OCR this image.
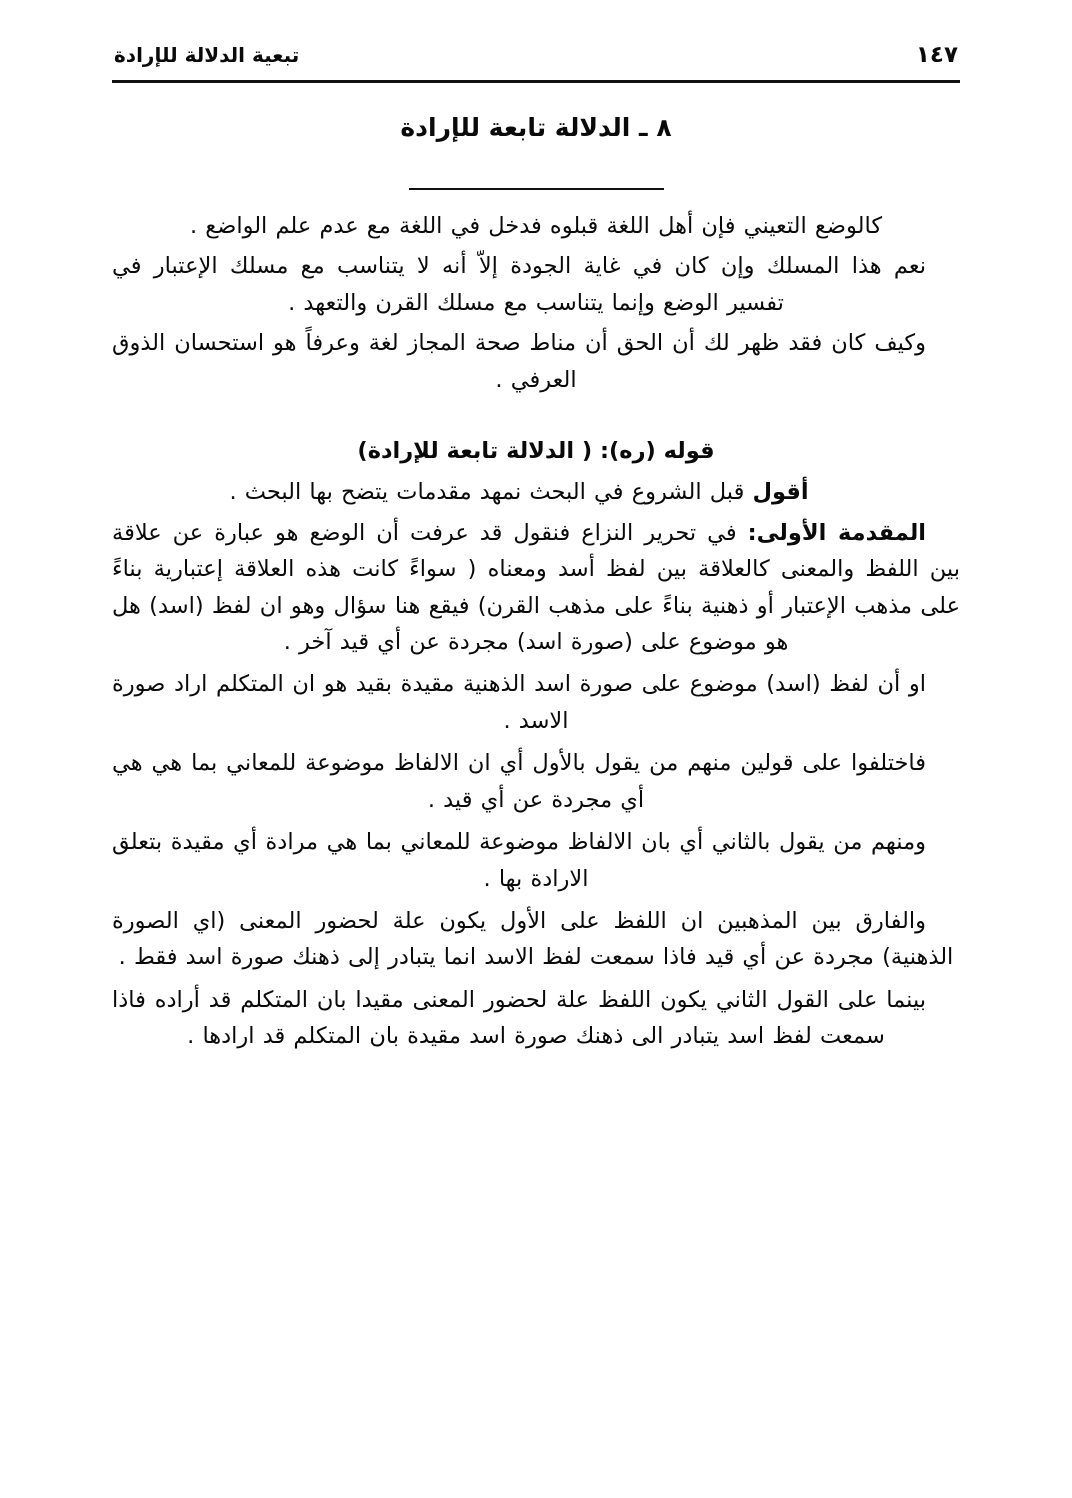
تبعية الدلالة للإرادة	١٤٧
٨ ـ الدلالة تابعة للإرادة

كالوضع التعيني فإن أهل اللغة قبلوه فدخل في اللغة مع عدم علم الواضع .

نعم هذا المسلك وإن كان في غاية الجودة إلاّ أنه لا يتناسب مع مسلك الإعتبار في تفسير الوضع وإنما يتناسب مع مسلك القرن والتعهد .

وكيف كان فقد ظهر لك أن الحق أن مناط صحة المجاز لغة وعرفاً هو استحسان الذوق العرفي .

قوله (ره): ( الدلالة تابعة للإرادة)

أقول قبل الشروع في البحث نمهد مقدمات يتضح بها البحث .

المقدمة الأولى: في تحرير النزاع فنقول قد عرفت أن الوضع هو عبارة عن علاقة بين اللفظ والمعنى كالعلاقة بين لفظ أسد ومعناه ( سواءً كانت هذه العلاقة إعتبارية بناءً على مذهب الإعتبار أو ذهنية بناءً على مذهب القرن) فيقع هنا سؤال وهو ان لفظ (اسد) هل هو موضوع على (صورة اسد) مجردة عن أي قيد آخر .

او أن لفظ (اسد) موضوع على صورة اسد الذهنية مقيدة بقيد هو ان المتكلم اراد صورة الاسد .

فاختلفوا على قولين منهم من يقول بالأول أي ان الالفاظ موضوعة للمعاني بما هي هي أي مجردة عن أي قيد .

ومنهم من يقول بالثاني أي بان الالفاظ موضوعة للمعاني بما هي مرادة أي مقيدة بتعلق الارادة بها .

والفارق بين المذهبين ان اللفظ على الأول يكون علة لحضور المعنى (اي الصورة الذهنية) مجردة عن أي قيد فاذا سمعت لفظ الاسد انما يتبادر إلى ذهنك صورة اسد فقط .

بينما على القول الثاني يكون اللفظ علة لحضور المعنى مقيدا بان المتكلم قد أراده فاذا سمعت لفظ اسد يتبادر الى ذهنك صورة اسد مقيدة بان المتكلم قد ارادها .
